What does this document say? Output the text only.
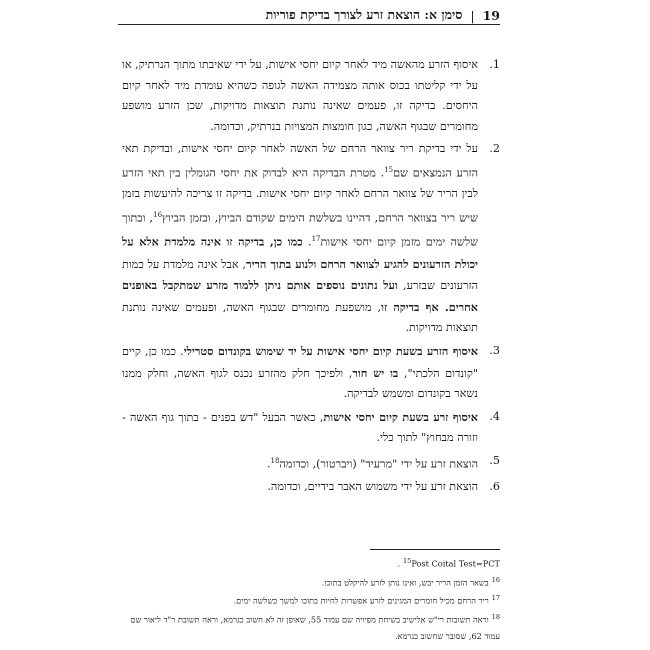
19
|
סימן א: הוצאת זרע לצורך בדיקת פוריות
1.

איסוף הזרע מהאשה מיד לאחר קיום יחסי אישות, על ידי שאיבתו מתוך הנרתיק, או על ידי קליטתו בכוס אותה מצמידה האשה לגופה כשהיא עומדת מיד לאחר קיום היחסים. בדיקה זו, פעמים שאינה נותנת תוצאות מדויקות, שכן הזרע מושפע מחומרים שבגוף האשה, כגון חומצות המצויות בנרתיק, וכדומה.

2.

על ידי בדיקת ריר צוואר הרחם של האשה לאחר קיום יחסי אישות, ובדיקת תאי הזרע הנמצאים שם$^{15}$. מטרת הבדיקה היא לבדוק את יחסי הגומלין בין תאי הזרע לבין הריר של צוואר הרחם לאחר קיום יחסי אישות. בדיקה זו צריכה להיעשות בזמן שיש ריר בצוואר הרחם, דהיינו בשלשת הימים שקודם הביוץ, ובזמן הביוץ$^{16}$, ובתוך שלשה ימים מזמן קיום יחסי אישות$^{17}$. כמו כן, בדיקה זו אינה מלמדת אלא על יכולת הזרעונים להגיע לצוואר הרחם ולנוע בתוך הריר, אבל אינה מלמדת על כמות הזרעונים שבזרע, ועל נתונים נוספים אותם ניתן ללמוד מזרע שמתקבל באופנים אחרים. אף בדיקה זו, מושפעת מחומרים שבגוף האשה, ופעמים שאינה נותנת תוצאות מדויקות.

3.

איסוף הזרע בשעת קיום יחסי אישות על יד שימוש בקונדום סטרילי. כמו כן, קיים "קונדום הלכתי", בו יש חור, ולפיכך חלק מהזרע נכנס לגוף האשה, וחלק ממנו נשאר בקונדום ומשמש לבדיקה.

4.

איסוף זרע בשעת קיום יחסי אישות, כאשר הבעל "דש בפנים - בתוך גוף האשה - וזורה מבחוץ" לתוך כלי.

5.

הוצאת זרע על ידי "מרעיד" (ויברטור), וכדומה$^{18}$.

6.

הוצאת זרע על ידי משמוש האבר בידיים, וכדומה.

$^{15}$Post Coital Test=PCT.
$^{16}$בשאר הזמן הריר יבש, ואינו נותן לזרע להיקלט בתוכו.
$^{17}$ריר הרחם מכיל חומרים המגינים לזרע אפשרות לחיות בתוכו למשך כשלשה ימים.
$^{18}$וראה תשובות רי"ש אלישיב בשיחת מפיויה שם עמוד 55, שאופן זה לא חשוב כגרמא, וראה תשובת ר"ד ליאור שם עמוד 62, שסובר שחשוב כגרמא.
